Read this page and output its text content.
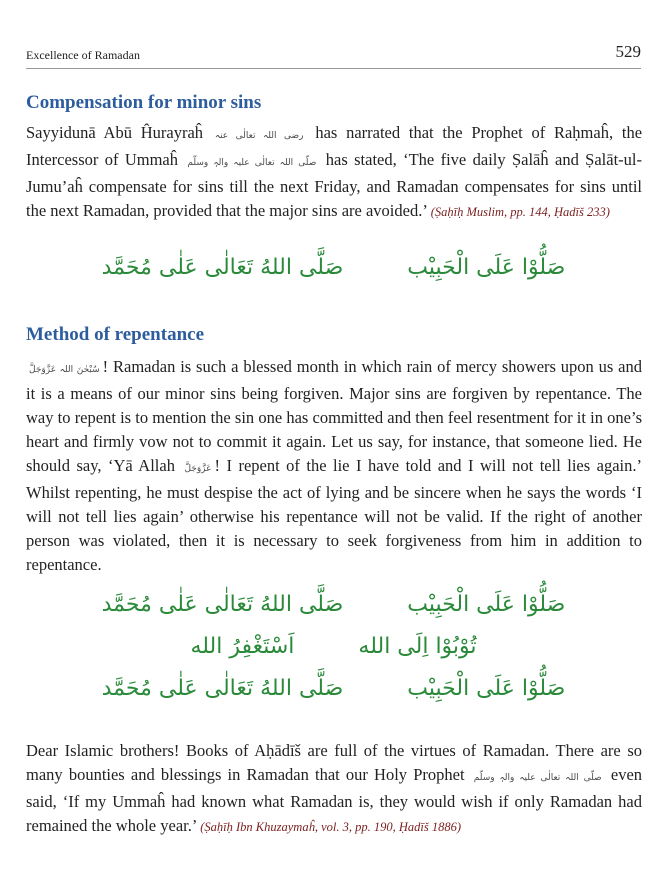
Excellence of Ramadan	529
Compensation for minor sins

Sayyidunā Abū Ĥurayraĥ رضی اللہ تعالٰی عنہ has narrated that the Prophet of Raḥmaĥ, the Intercessor of Ummaĥ صلّی اللہ تعالٰی علیہ والہٖ وسلّم has stated, ‘The five daily Ṣalāĥ and Ṣalāt-ul-Jumu’aĥ compensate for sins till the next Friday, and Ramadan compensates for sins until the next Ramadan, provided that the major sins are avoided.’ (Ṣaḥīḥ Muslim, pp. 144, Ḥadīš 233)

صَلَّی اللهُ تَعَالٰی عَلٰی مُحَمَّد	صَلُّوْا عَلَی الْحَبِیْب
Method of repentance

سُبْحٰنَ اللہ عَزَّوَجَلَّ ! Ramadan is such a blessed month in which rain of mercy showers upon us and it is a means of our minor sins being forgiven. Major sins are forgiven by repentance. The way to repent is to mention the sin one has committed and then feel resentment for it in one’s heart and firmly vow not to commit it again. Let us say, for instance, that someone lied. He should say, ‘Yā Allah عَزَّوَجَلَّ ! I repent of the lie I have told and I will not tell lies again.’ Whilst repenting, he must despise the act of lying and be sincere when he says the words ‘I will not tell lies again’ otherwise his repentance will not be valid. If the right of another person was violated, then it is necessary to seek forgiveness from him in addition to repentance.

صَلَّی اللهُ تَعَالٰی عَلٰی مُحَمَّد	صَلُّوْا عَلَی الْحَبِیْب
اَسْتَغْفِرُ الله	تُوْبُوْا اِلَی الله
صَلَّی اللهُ تَعَالٰی عَلٰی مُحَمَّد	صَلُّوْا عَلَی الْحَبِیْب

Dear Islamic brothers! Books of Aḥādīš are full of the virtues of Ramadan. There are so many bounties and blessings in Ramadan that our Holy Prophet صلّی اللہ تعالٰی علیہ والہٖ وسلّم even said, ‘If my Ummaĥ had known what Ramadan is, they would wish if only Ramadan had remained the whole year.’ (Ṣaḥīḥ Ibn Khuzaymaĥ, vol. 3, pp. 190, Ḥadīš 1886)
